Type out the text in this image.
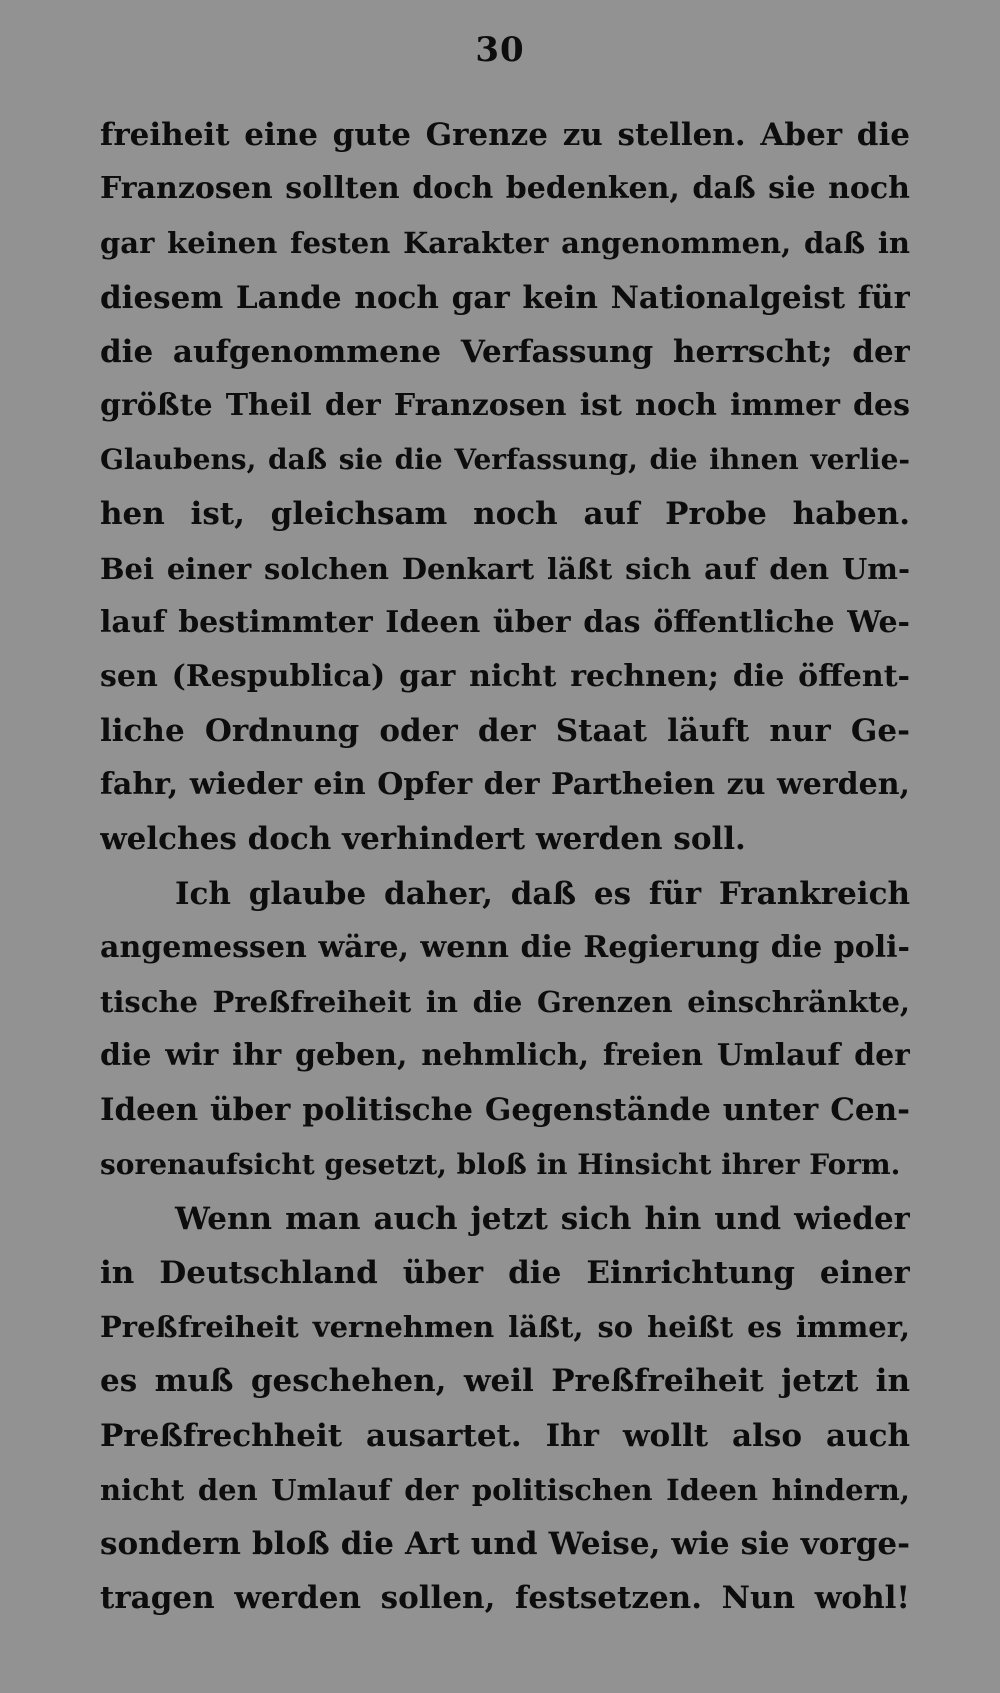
30
freiheit eine gute Grenze zu stellen. Aber die
Franzosen sollten doch bedenken, daß sie noch
gar keinen festen Karakter angenommen, daß in
diesem Lande noch gar kein Nationalgeist für
die aufgenommene Verfassung herrscht; der
größte Theil der Franzosen ist noch immer des
Glaubens, daß sie die Verfassung, die ihnen verlie-
hen ist, gleichsam noch auf Probe haben.
Bei einer solchen Denkart läßt sich auf den Um-
lauf bestimmter Ideen über das öffentliche We-
sen (Respublica) gar nicht rechnen; die öffent-
liche Ordnung oder der Staat läuft nur Ge-
fahr, wieder ein Opfer der Partheien zu werden,
welches doch verhindert werden soll.
Ich glaube daher, daß es für Frankreich
angemessen wäre, wenn die Regierung die poli-
tische Preßfreiheit in die Grenzen einschränkte,
die wir ihr geben, nehmlich, freien Umlauf der
Ideen über politische Gegenstände unter Cen-
sorenaufsicht gesetzt, bloß in Hinsicht ihrer Form.
Wenn man auch jetzt sich hin und wieder
in Deutschland über die Einrichtung einer
Preßfreiheit vernehmen läßt, so heißt es immer,
es muß geschehen, weil Preßfreiheit jetzt in
Preßfrechheit ausartet. Ihr wollt also auch
nicht den Umlauf der politischen Ideen hindern,
sondern bloß die Art und Weise, wie sie vorge-
tragen werden sollen, festsetzen. Nun wohl!
